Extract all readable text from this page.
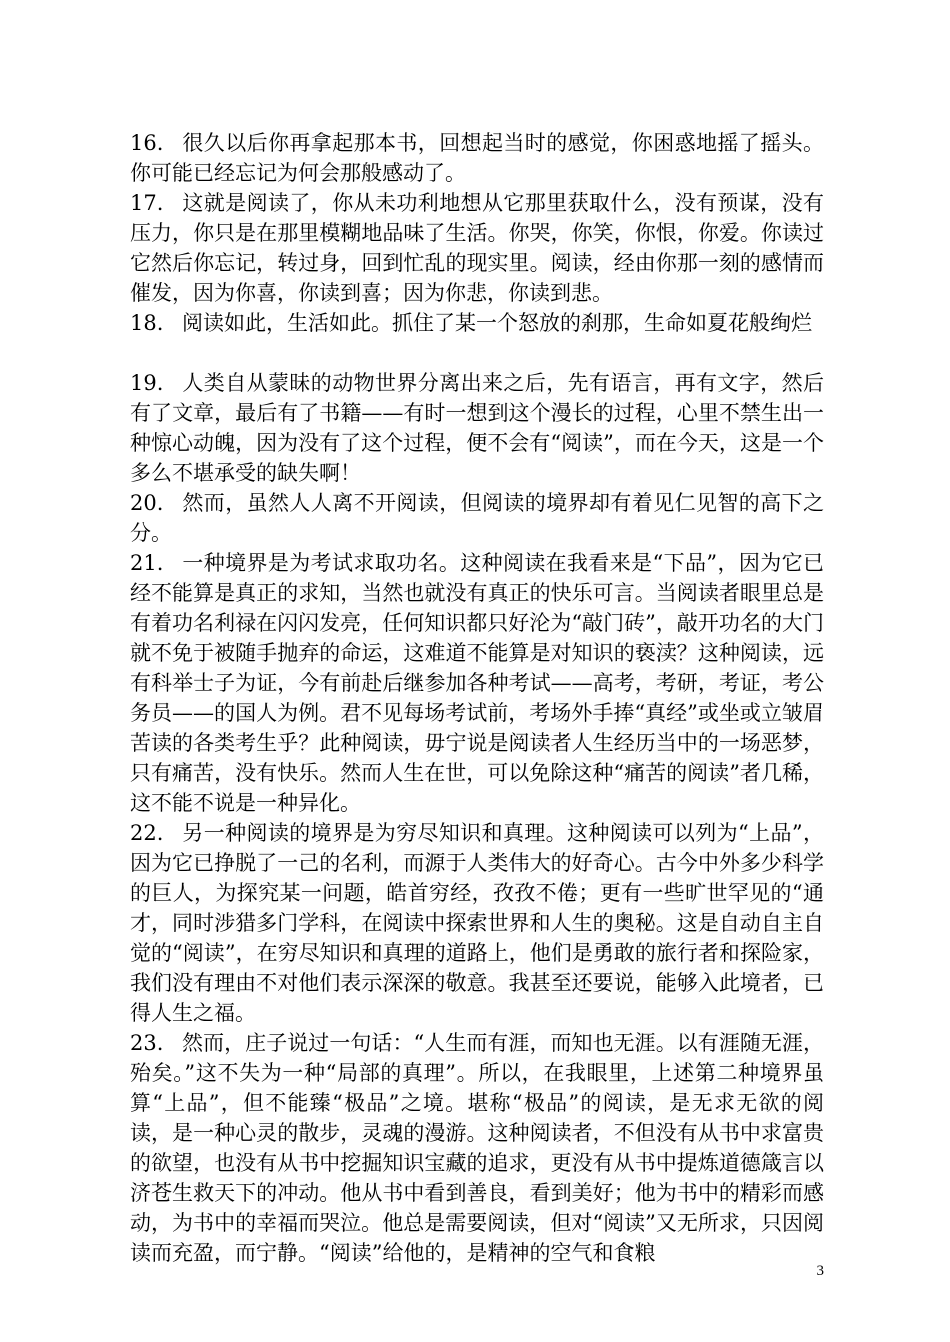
16. 很久以后你再拿起那本书，回想起当时的感觉，你困惑地摇了摇头。你可能已经忘记为何会那般感动了。

17. 这就是阅读了，你从未功利地想从它那里获取什么，没有预谋，没有压力，你只是在那里模糊地品味了生活。你哭，你笑，你恨，你爱。你读过它然后你忘记，转过身，回到忙乱的现实里。阅读，经由你那一刻的感情而催发，因为你喜，你读到喜；因为你悲，你读到悲。

18. 阅读如此，生活如此。抓住了某一个怒放的刹那，生命如夏花般绚烂

19. 人类自从蒙昧的动物世界分离出来之后，先有语言，再有文字，然后有了文章，最后有了书籍——有时一想到这个漫长的过程，心里不禁生出一种惊心动魄，因为没有了这个过程，便不会有“阅读”，而在今天，这是一个多么不堪承受的缺失啊！

20. 然而，虽然人人离不开阅读，但阅读的境界却有着见仁见智的高下之分。

21. 一种境界是为考试求取功名。这种阅读在我看来是“下品”，因为它已经不能算是真正的求知，当然也就没有真正的快乐可言。当阅读者眼里总是有着功名利禄在闪闪发亮，任何知识都只好沦为“敲门砖”，敲开功名的大门就不免于被随手抛弃的命运，这难道不能算是对知识的亵渎？这种阅读，远有科举士子为证，今有前赴后继参加各种考试——高考，考研，考证，考公务员——的国人为例。君不见每场考试前，考场外手捧“真经”或坐或立皱眉苦读的各类考生乎？此种阅读，毋宁说是阅读者人生经历当中的一场恶梦，只有痛苦，没有快乐。然而人生在世，可以免除这种“痛苦的阅读”者几稀，这不能不说是一种异化。

22. 另一种阅读的境界是为穷尽知识和真理。这种阅读可以列为“上品”，因为它已挣脱了一己的名利，而源于人类伟大的好奇心。古今中外多少科学的巨人，为探究某一问题，皓首穷经，孜孜不倦；更有一些旷世罕见的“通才，同时涉猎多门学科，在阅读中探索世界和人生的奥秘。这是自动自主自觉的“阅读”，在穷尽知识和真理的道路上，他们是勇敢的旅行者和探险家，我们没有理由不对他们表示深深的敬意。我甚至还要说，能够入此境者，已得人生之福。

23. 然而，庄子说过一句话：“人生而有涯，而知也无涯。以有涯随无涯，殆矣。”这不失为一种“局部的真理”。所以，在我眼里，上述第二种境界虽算“上品”，但不能臻“极品”之境。堪称“极品”的阅读，是无求无欲的阅读，是一种心灵的散步，灵魂的漫游。这种阅读者，不但没有从书中求富贵的欲望，也没有从书中挖掘知识宝藏的追求，更没有从书中提炼道德箴言以济苍生救天下的冲动。他从书中看到善良，看到美好；他为书中的精彩而感动，为书中的幸福而哭泣。他总是需要阅读，但对“阅读”又无所求，只因阅读而充盈，而宁静。“阅读”给他的，是精神的空气和食粮

3
